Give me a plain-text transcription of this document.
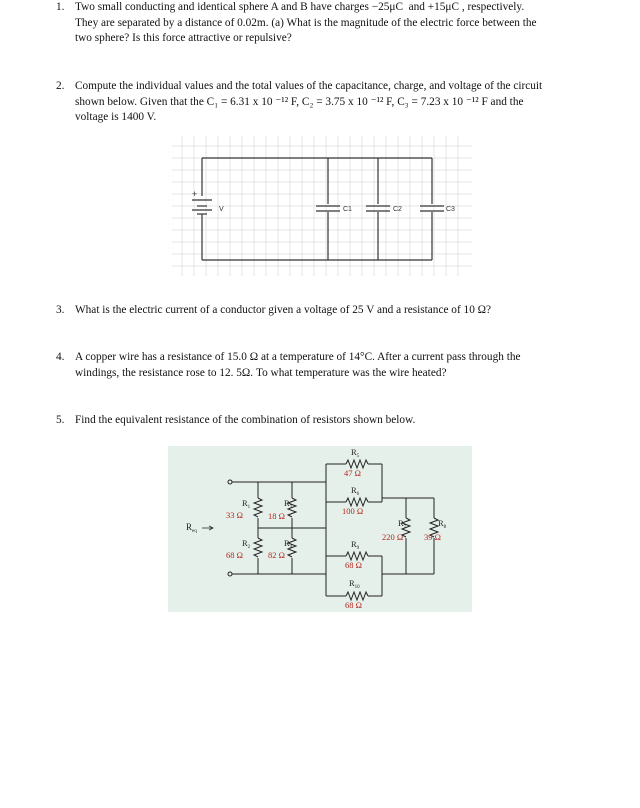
1. Two small conducting and identical sphere A and B have charges −25μC  and +15μC , respectively.
They are separated by a distance of 0.02m. (a) What is the magnitude of the electric force between the
two sphere? Is this force attractive or repulsive?
2. Compute the individual values and the total values of the capacitance, charge, and voltage of the circuit
shown below. Given that the C₁ = 6.31 x 10 ⁻¹² F, C₂ = 3.75 x 10 ⁻¹² F, C₃ = 7.23 x 10 ⁻¹² F and the
voltage is 1400 V.
+
V	C1	C2	C3
3. What is the electric current of a conductor given a voltage of 25 V and a resistance of 10 Ω?
4. A copper wire has a resistance of 15.0 Ω at a temperature of 14°C. After a current pass through the
windings, the resistance rose to 12. 5Ω. To what temperature was the wire heated?
5. Find the equivalent resistance of the combination of resistors shown below.
$R_{eq}$
$R_1$
33 Ω
$R_2$
68 Ω
$R_3$
18 Ω
$R_4$
82 Ω
$R_5$
47 Ω
$R_6$
100 Ω
$R_7$
220 Ω
$R_8$
39 Ω
$R_9$
68 Ω
$R_{10}$
68 Ω
